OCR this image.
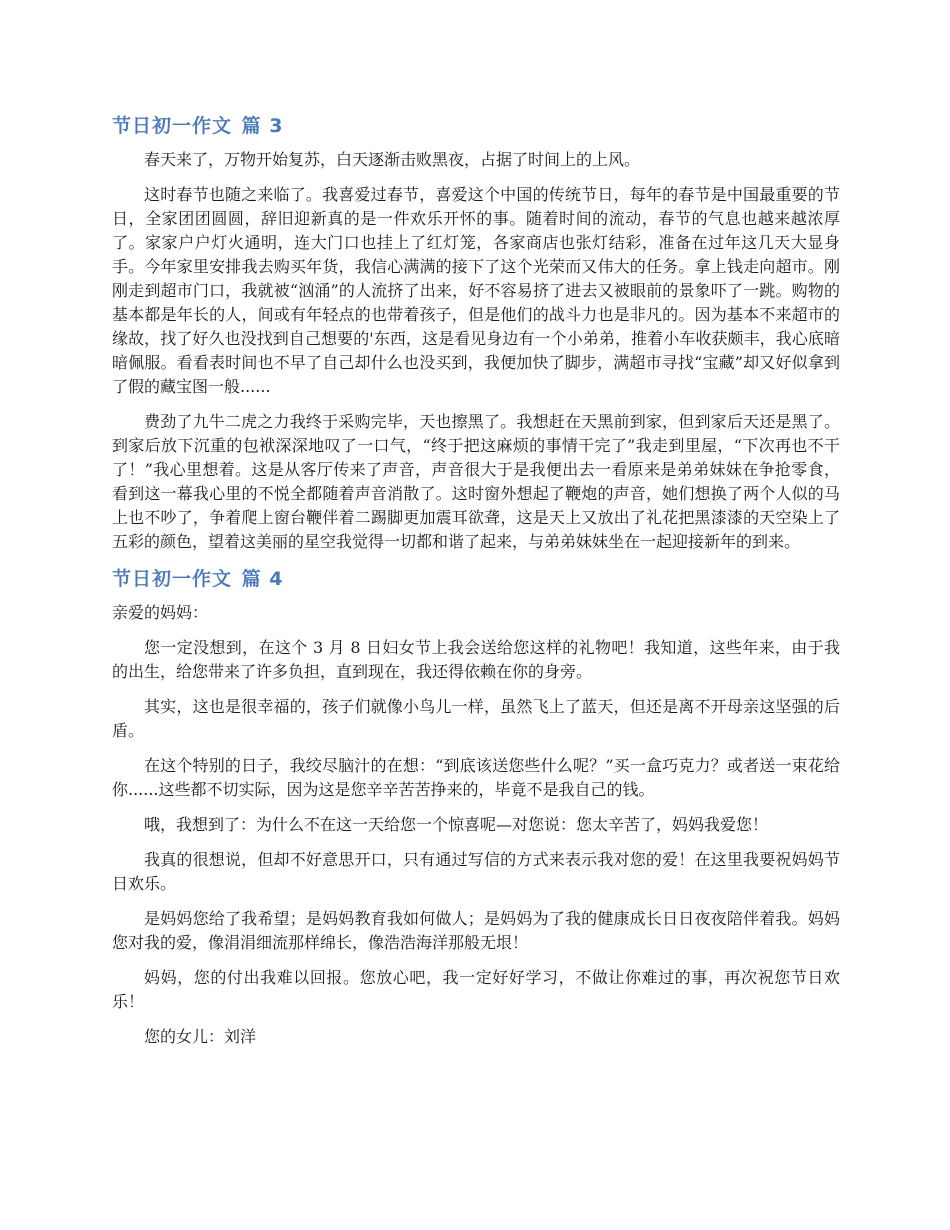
节日初一作文 篇 3

春天来了，万物开始复苏，白天逐渐击败黑夜，占据了时间上的上风。

这时春节也随之来临了。我喜爱过春节，喜爱这个中国的传统节日，每年的春节是中国最重要的节日，全家团团圆圆，辞旧迎新真的是一件欢乐开怀的事。随着时间的流动，春节的气息也越来越浓厚了。家家户户灯火通明，连大门口也挂上了红灯笼，各家商店也张灯结彩，准备在过年这几天大显身手。今年家里安排我去购买年货，我信心满满的接下了这个光荣而又伟大的任务。拿上钱走向超市。刚刚走到超市门口，我就被“汹涌”的人流挤了出来，好不容易挤了进去又被眼前的景象吓了一跳。购物的基本都是年长的人，间或有年轻点的也带着孩子，但是他们的战斗力也是非凡的。因为基本不来超市的缘故，找了好久也没找到自己想要的'东西，这是看见身边有一个小弟弟，推着小车收获颇丰，我心底暗暗佩服。看看表时间也不早了自己却什么也没买到，我便加快了脚步，满超市寻找“宝藏”却又好似拿到了假的藏宝图一般......

费劲了九牛二虎之力我终于采购完毕，天也擦黑了。我想赶在天黑前到家，但到家后天还是黑了。到家后放下沉重的包袱深深地叹了一口气，“终于把这麻烦的事情干完了”我走到里屋，“下次再也不干了！”我心里想着。这是从客厅传来了声音，声音很大于是我便出去一看原来是弟弟妹妹在争抢零食，看到这一幕我心里的不悦全都随着声音消散了。这时窗外想起了鞭炮的声音，她们想换了两个人似的马上也不吵了，争着爬上窗台鞭伴着二踢脚更加震耳欲聋，这是天上又放出了礼花把黑漆漆的天空染上了五彩的颜色，望着这美丽的星空我觉得一切都和谐了起来，与弟弟妹妹坐在一起迎接新年的到来。

节日初一作文 篇 4

亲爱的妈妈：

您一定没想到，在这个 3 月 8 日妇女节上我会送给您这样的礼物吧！我知道，这些年来，由于我的出生，给您带来了许多负担，直到现在，我还得依赖在你的身旁。

其实，这也是很幸福的，孩子们就像小鸟儿一样，虽然飞上了蓝天，但还是离不开母亲这坚强的后盾。

在这个特别的日子，我绞尽脑汁的在想：“到底该送您些什么呢？”买一盒巧克力？或者送一束花给你......这些都不切实际，因为这是您辛辛苦苦挣来的，毕竟不是我自己的钱。

哦，我想到了：为什么不在这一天给您一个惊喜呢—对您说：您太辛苦了，妈妈我爱您！

我真的很想说，但却不好意思开口，只有通过写信的方式来表示我对您的爱！在这里我要祝妈妈节日欢乐。

是妈妈您给了我希望；是妈妈教育我如何做人；是妈妈为了我的健康成长日日夜夜陪伴着我。妈妈您对我的爱，像涓涓细流那样绵长，像浩浩海洋那般无垠！

妈妈，您的付出我难以回报。您放心吧，我一定好好学习，不做让你难过的事，再次祝您节日欢乐！

您的女儿：刘洋
